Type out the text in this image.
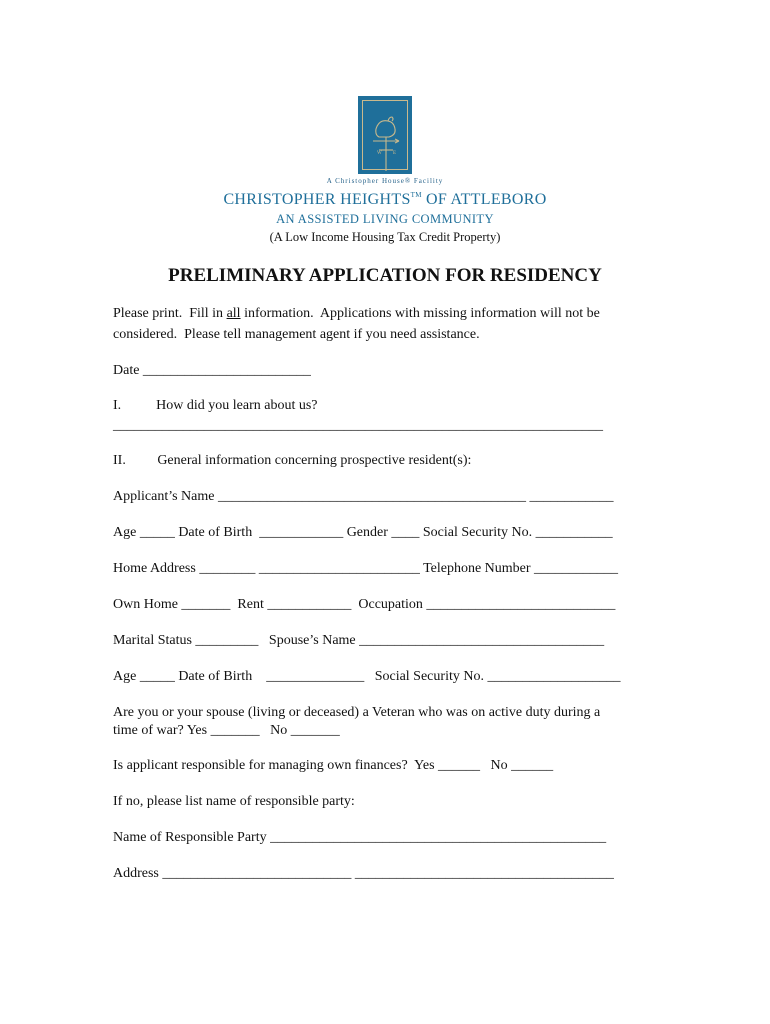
W E
A Christopher House® Facility
CHRISTOPHER HEIGHTS™ OF ATTLEBORO
AN ASSISTED LIVING COMMUNITY
(A Low Income Housing Tax Credit Property)
PRELIMINARY APPLICATION FOR RESIDENCY
Please print.  Fill in all information.  Applications with missing information will not be
considered.  Please tell management agent if you need assistance.
Date ________________________
I.          How did you learn about us?
______________________________________________________________________
II.         General information concerning prospective resident(s):
Applicant’s Name ____________________________________________ ____________
Age _____ Date of Birth  ____________ Gender ____ Social Security No. ___________
Home Address ________ _______________________ Telephone Number ____________
Own Home _______  Rent ____________  Occupation ___________________________
Marital Status _________   Spouse’s Name ___________________________________
Age _____ Date of Birth    ______________   Social Security No. ___________________
Are you or your spouse (living or deceased) a Veteran who was on active duty during a
time of war? Yes _______   No _______
Is applicant responsible for managing own finances?  Yes ______   No ______
If no, please list name of responsible party:
Name of Responsible Party ________________________________________________
Address ___________________________ _____________________________________
